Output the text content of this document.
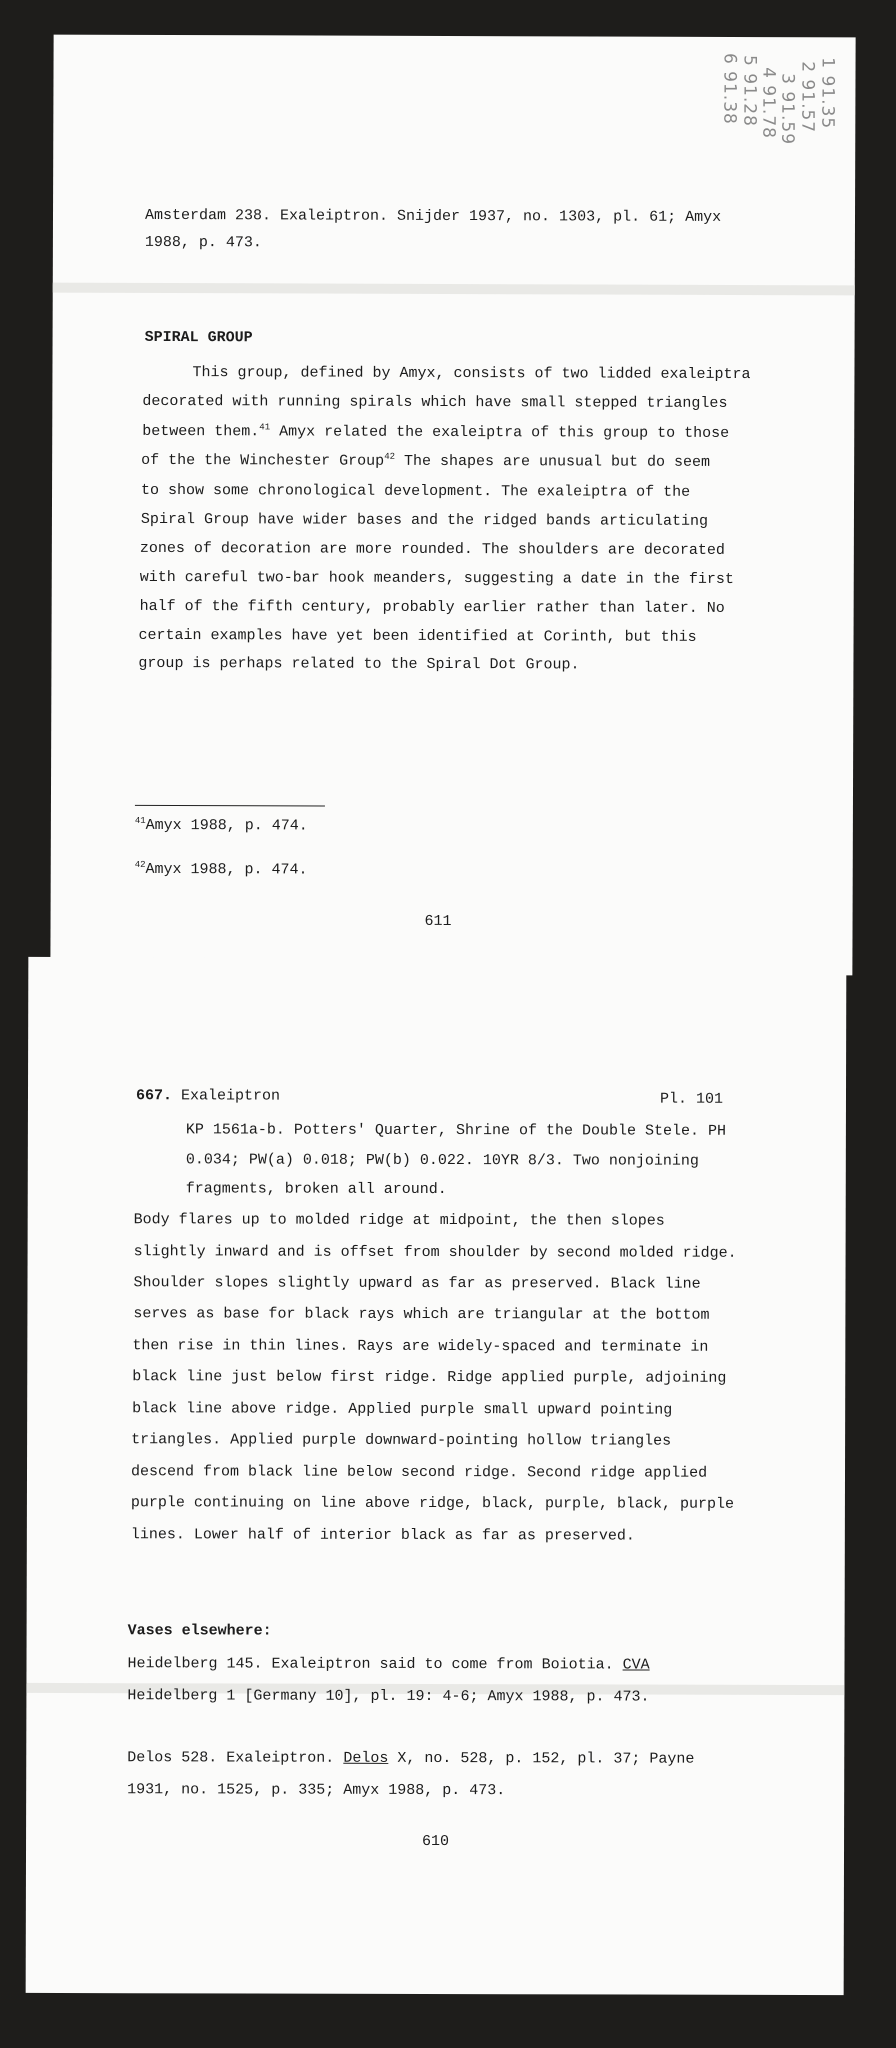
1 91.35
2 91.57
3 91.59
4 91.78
5 91.28
6 91.38
Amsterdam 238. Exaleiptron. Snijder 1937, no. 1303, pl. 61; Amyx
1988, p. 473.
SPIRAL GROUP
This group, defined by Amyx, consists of two lidded exaleiptra
decorated with running spirals which have small stepped triangles
between them.$^{41}$ Amyx related the exaleiptra of this group to those
of the the Winchester Group$^{42}$ The shapes are unusual but do seem
to show some chronological development. The exaleiptra of the
Spiral Group have wider bases and the ridged bands articulating
zones of decoration are more rounded. The shoulders are decorated
with careful two-bar hook meanders, suggesting a date in the first
half of the fifth century, probably earlier rather than later. No
certain examples have yet been identified at Corinth, but this
group is perhaps related to the Spiral Dot Group.
$^{41}$Amyx 1988, p. 474.
$^{42}$Amyx 1988, p. 474.
611
667. Exaleiptron	Pl. 101
KP 1561a-b. Potters' Quarter, Shrine of the Double Stele. PH
0.034; PW(a) 0.018; PW(b) 0.022. 10YR 8/3. Two nonjoining
fragments, broken all around.
Body flares up to molded ridge at midpoint, the then slopes
slightly inward and is offset from shoulder by second molded ridge.
Shoulder slopes slightly upward as far as preserved. Black line
serves as base for black rays which are triangular at the bottom
then rise in thin lines. Rays are widely-spaced and terminate in
black line just below first ridge. Ridge applied purple, adjoining
black line above ridge. Applied purple small upward pointing
triangles. Applied purple downward-pointing hollow triangles
descend from black line below second ridge. Second ridge applied
purple continuing on line above ridge, black, purple, black, purple
lines. Lower half of interior black as far as preserved.
Vases elsewhere:
Heidelberg 145. Exaleiptron said to come from Boiotia. CVA
Heidelberg 1 [Germany 10], pl. 19: 4-6; Amyx 1988, p. 473.
Delos 528. Exaleiptron. Delos X, no. 528, p. 152, pl. 37; Payne
1931, no. 1525, p. 335; Amyx 1988, p. 473.
610
